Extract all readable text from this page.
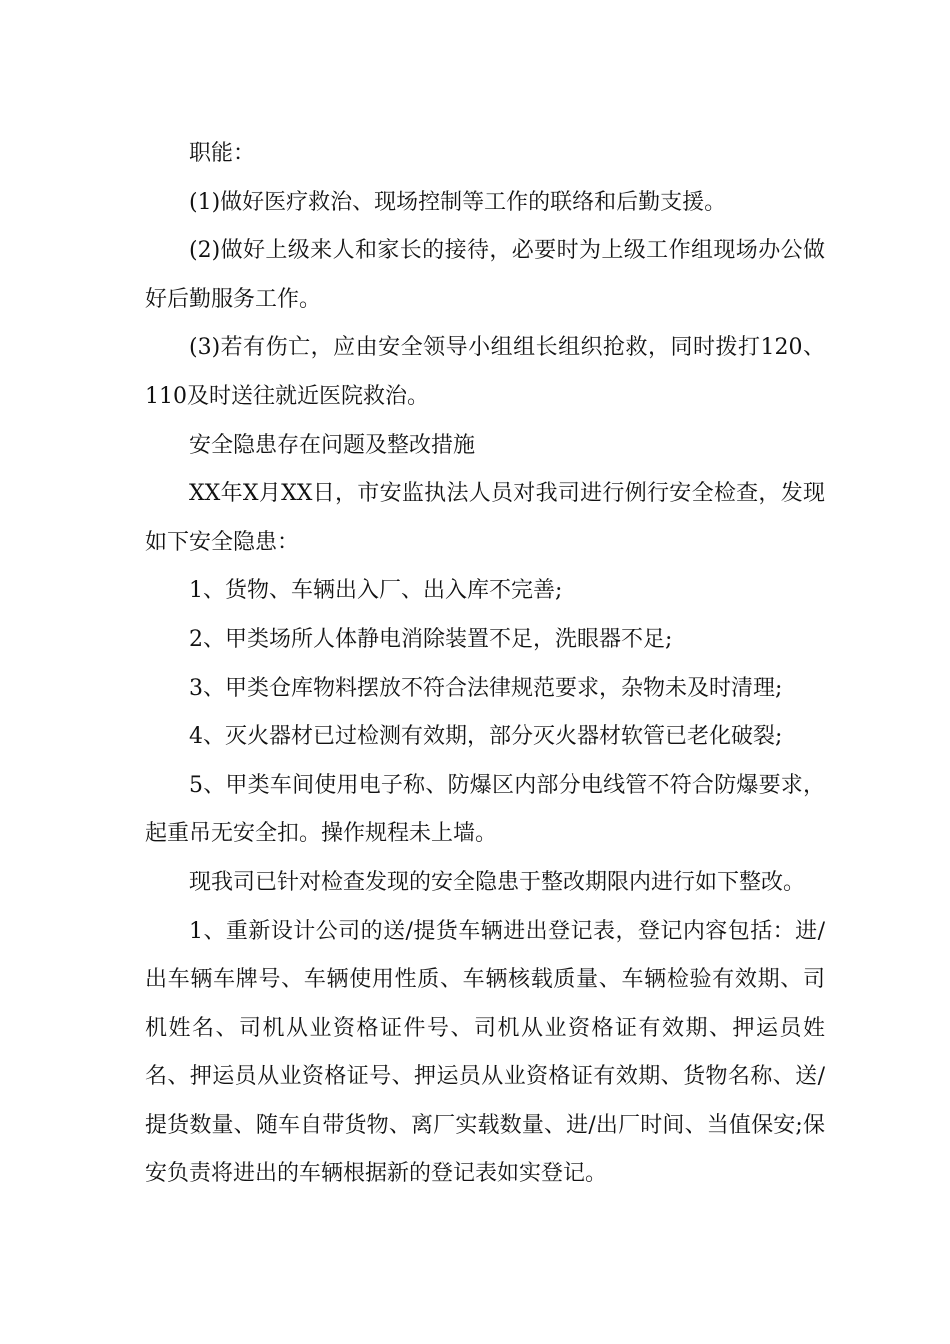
职能：

(1)做好医疗救治、现场控制等工作的联络和后勤支援。

(2)做好上级来人和家长的接待，必要时为上级工作组现场办公做好后勤服务工作。

(3)若有伤亡，应由安全领导小组组长组织抢救，同时拨打120、110及时送往就近医院救治。

安全隐患存在问题及整改措施

XX年X月XX日，市安监执法人员对我司进行例行安全检查，发现如下安全隐患：

1、货物、车辆出入厂、出入库不完善;

2、甲类场所人体静电消除装置不足，洗眼器不足;

3、甲类仓库物料摆放不符合法律规范要求，杂物未及时清理;

4、灭火器材已过检测有效期，部分灭火器材软管已老化破裂;

5、甲类车间使用电子称、防爆区内部分电线管不符合防爆要求，起重吊无安全扣。操作规程未上墙。

现我司已针对检查发现的安全隐患于整改期限内进行如下整改。

1、重新设计公司的送/提货车辆进出登记表，登记内容包括：进/出车辆车牌号、车辆使用性质、车辆核载质量、车辆检验有效期、司机姓名、司机从业资格证件号、司机从业资格证有效期、押运员姓名、押运员从业资格证号、押运员从业资格证有效期、货物名称、送/提货数量、随车自带货物、离厂实载数量、进/出厂时间、当值保安;保安负责将进出的车辆根据新的登记表如实登记。
